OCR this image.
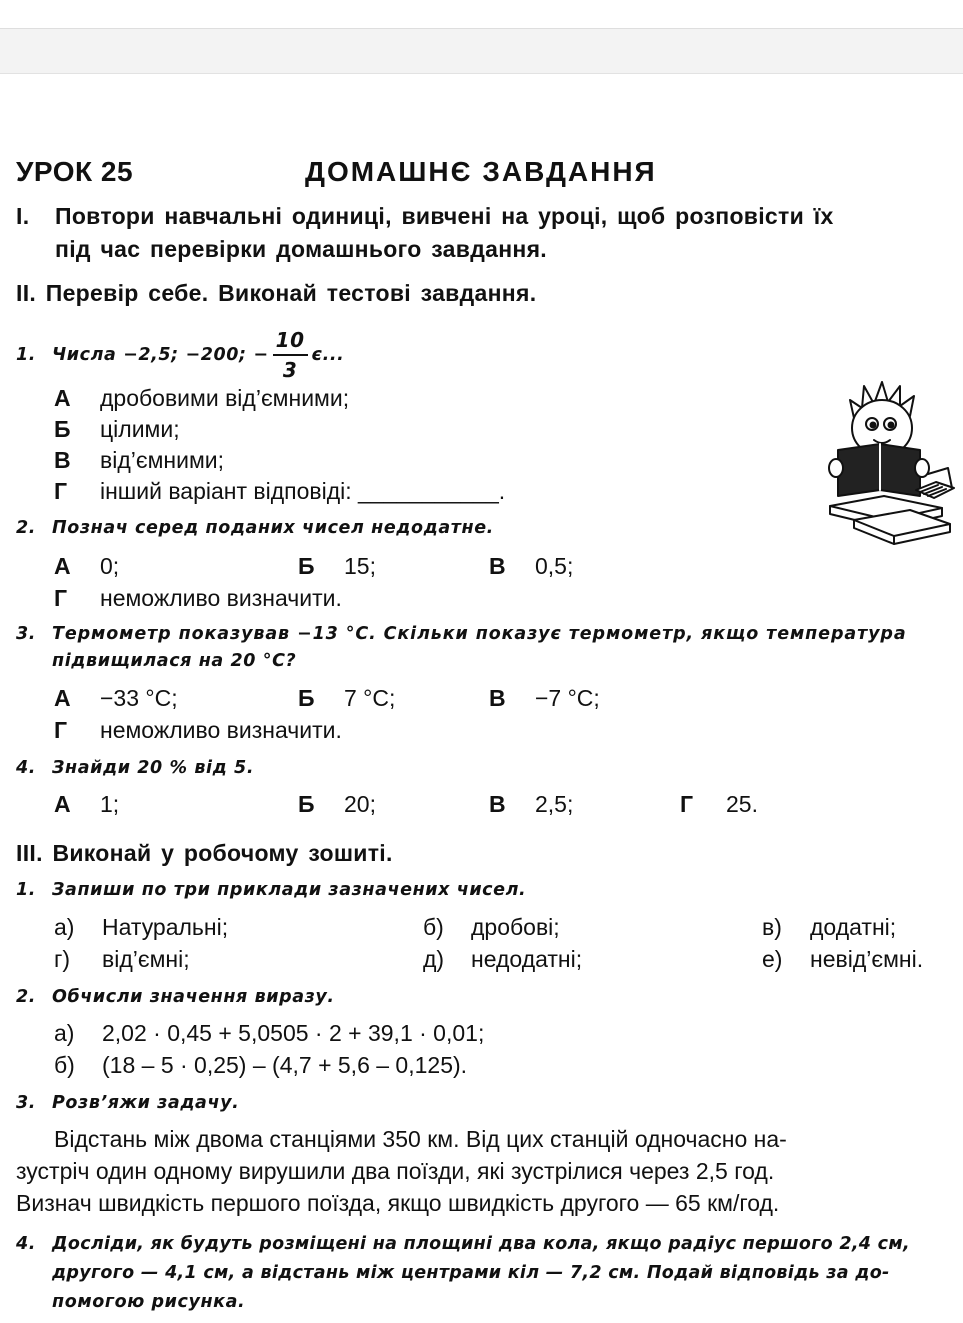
УРОК 25	ДОМАШНЄ ЗАВДАННЯ
I. Повтори навчальні одиниці, вивчені на уроці, щоб розповісти їх
під час перевірки домашнього завдання.
II. Перевір себе. Виконай тестові завдання.
1. Числа −2,5; −200; − $\frac{10}{3} є$...
А дробовими від’ємними;
Б цілими;
В від’ємними;
Г інший варіант відповіді: ___________.
2. Познач серед поданих чисел недодатне.
А 0;	Б 15;	В 0,5;
Г неможливо визначити.
3. Термометр показував −13 °С. Скільки показує термометр, якщо температура
підвищилася на 20 °С?
А −33 °С;	Б 7 °С;	В −7 °С;
Г неможливо визначити.
4. Знайди 20 % від 5.
А 1;	Б 20;	В 2,5;	Г 25.
III. Виконай у робочому зошиті.
1. Запиши по три приклади зазначених чисел.
а) Натуральні;	б) дробові;	в) додатні;
г) від’ємні;	д) недодатні;	е) невід’ємні.
2. Обчисли значення виразу.
а) 2,02 · 0,45 + 5,0505 · 2 + 39,1 · 0,01;
б) (18 – 5 · 0,25) – (4,7 + 5,6 – 0,125).
3. Розв’яжи задачу.
Відстань між двома станціями 350 км. Від цих станцій одночасно на-
зустріч один одному вирушили два поїзди, які зустрілися через 2,5 год.
Визнач швидкість першого поїзда, якщо швидкість другого — 65 км/год.
4. Досліди, як будуть розміщені на площині два кола, якщо радіус першого 2,4 см,
другого — 4,1 см, а відстань між центрами кіл — 7,2 см. Подай відповідь за до-
помогою рисунка.
